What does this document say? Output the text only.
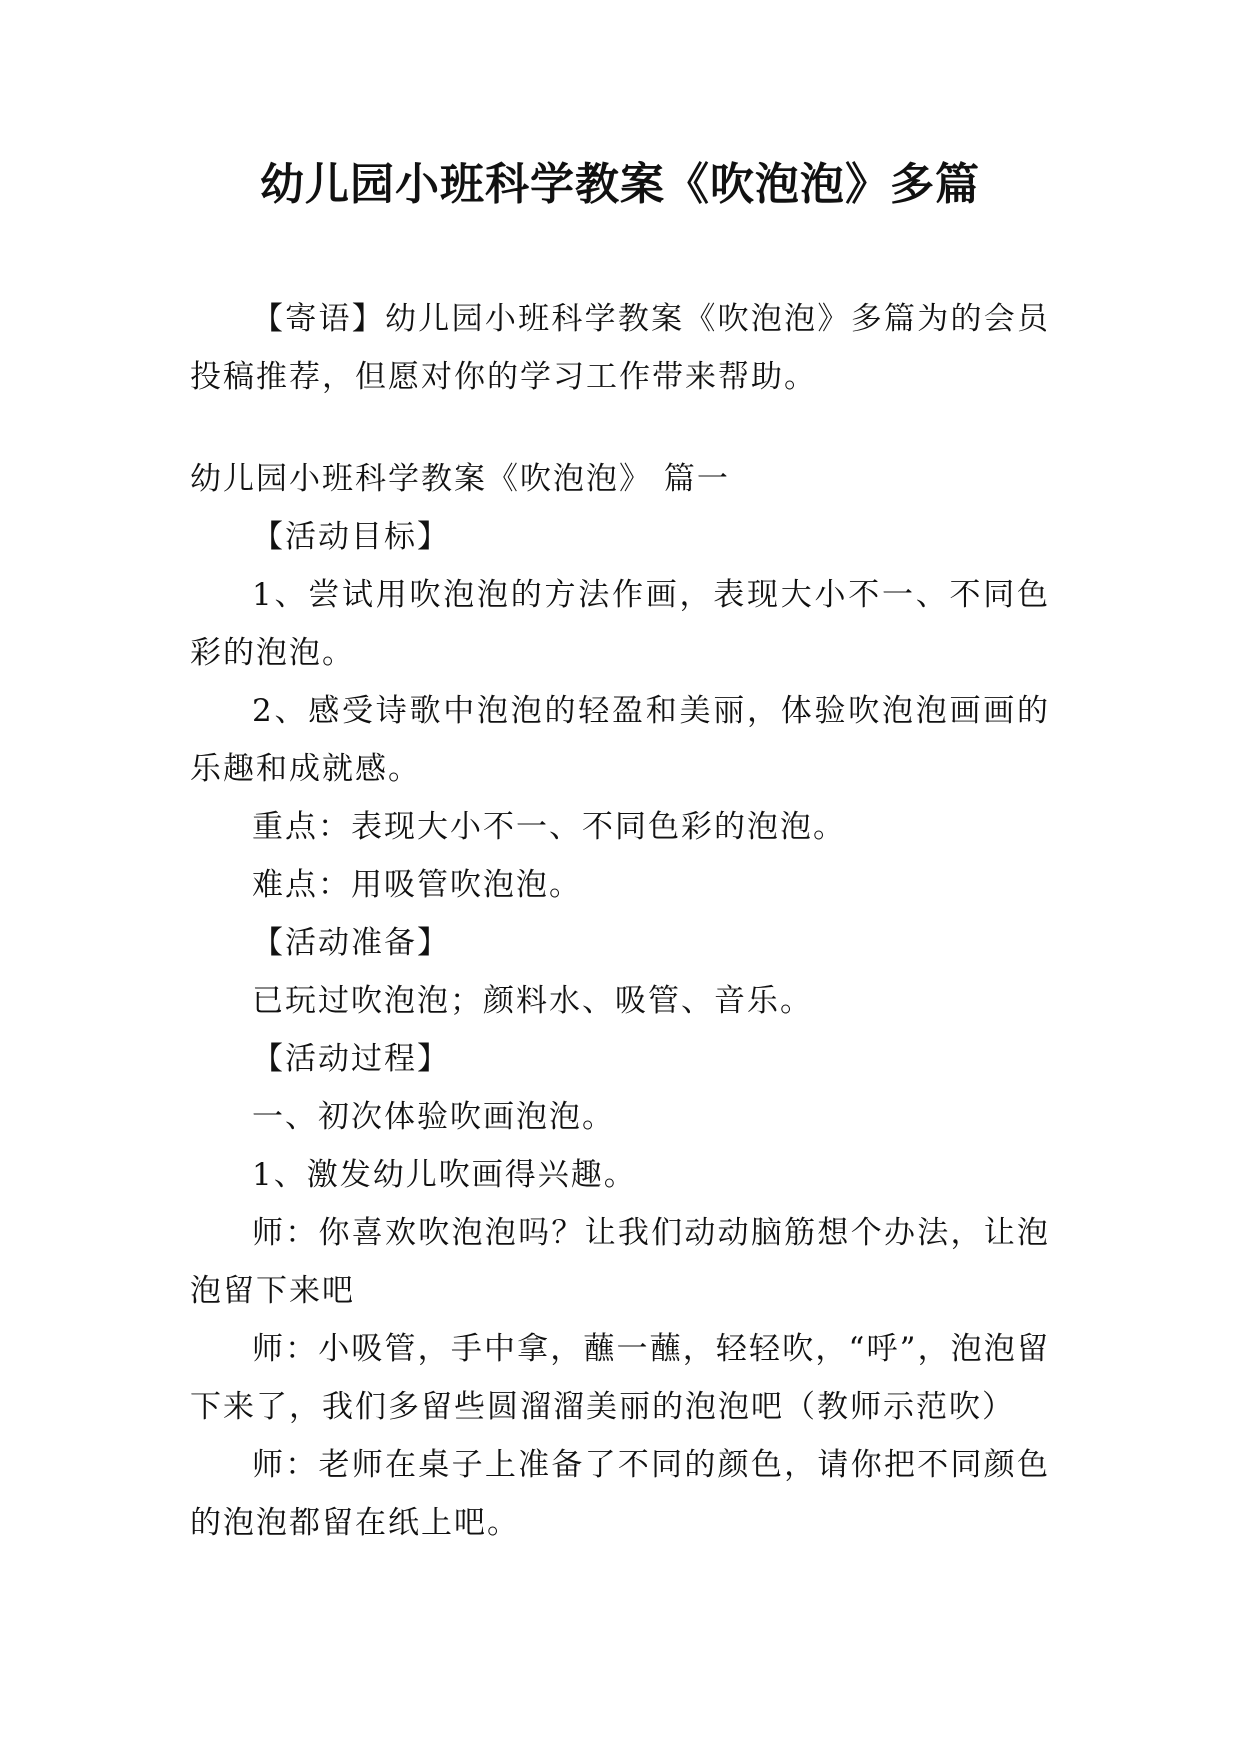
幼儿园小班科学教案《吹泡泡》多篇

【寄语】幼儿园小班科学教案《吹泡泡》多篇为的会员投稿推荐，但愿对你的学习工作带来帮助。

幼儿园小班科学教案《吹泡泡》 篇一

【活动目标】

1、尝试用吹泡泡的方法作画，表现大小不一、不同色彩的泡泡。

2、感受诗歌中泡泡的轻盈和美丽，体验吹泡泡画画的乐趣和成就感。

重点：表现大小不一、不同色彩的泡泡。

难点：用吸管吹泡泡。

【活动准备】

已玩过吹泡泡；颜料水、吸管、音乐。

【活动过程】

一、初次体验吹画泡泡。

1、激发幼儿吹画得兴趣。

师：你喜欢吹泡泡吗？让我们动动脑筋想个办法，让泡泡留下来吧

师：小吸管，手中拿，蘸一蘸，轻轻吹，“呼”，泡泡留下来了，我们多留些圆溜溜美丽的泡泡吧（教师示范吹）

师：老师在桌子上准备了不同的颜色，请你把不同颜色的泡泡都留在纸上吧。
